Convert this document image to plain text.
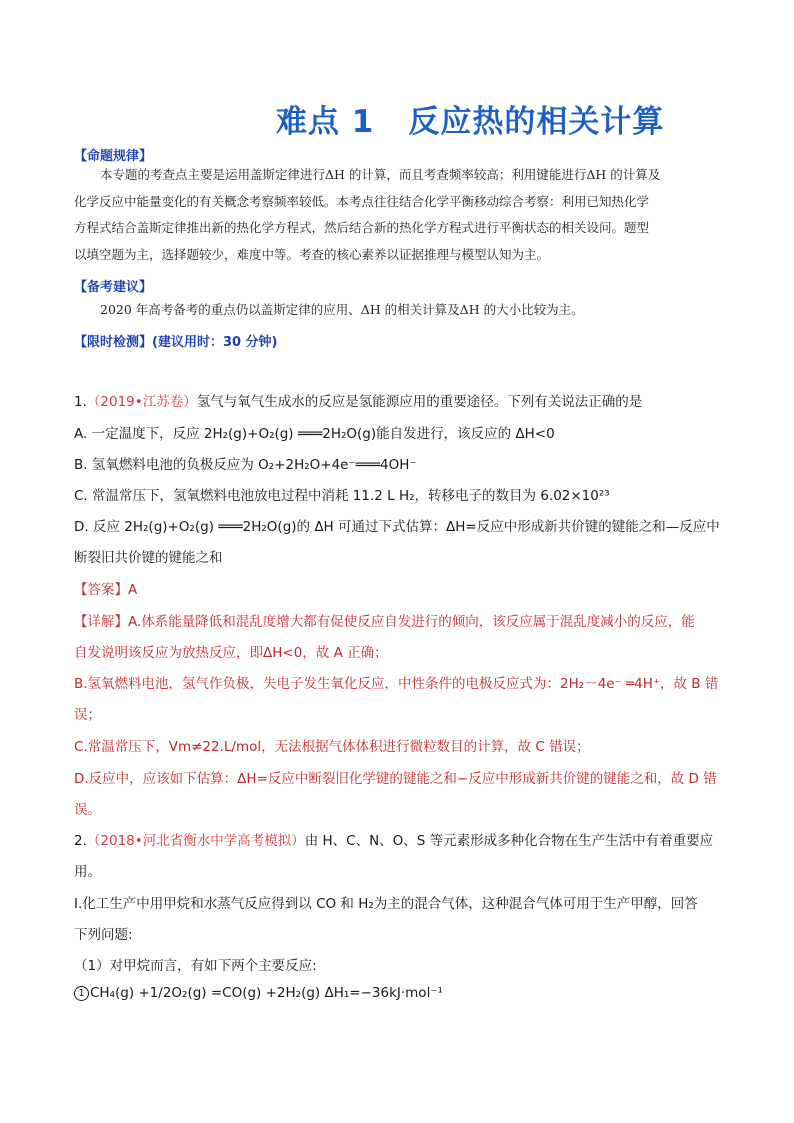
难点 1 反应热的相关计算
【命题规律】
本专题的考查点主要是运用盖斯定律进行ΔH 的计算，而且考查频率较高；利用键能进行ΔH 的计算及
化学反应中能量变化的有关概念考察频率较低。本考点往往结合化学平衡移动综合考察：利用已知热化学
方程式结合盖斯定律推出新的热化学方程式，然后结合新的热化学方程式进行平衡状态的相关设问。题型
以填空题为主，选择题较少，难度中等。考查的核心素养以证据推理与模型认知为主。
【备考建议】
2020 年高考备考的重点仍以盖斯定律的应用、ΔH 的相关计算及ΔH 的大小比较为主。
【限时检测】(建议用时：30 分钟)
1.（2019•江苏卷）氢气与氧气生成水的反应是氢能源应用的重要途径。下列有关说法正确的是
A. 一定温度下，反应 2H₂(g)+O₂(g) ═══2H₂O(g)能自发进行，该反应的 ΔH<0
B. 氢氧燃料电池的负极反应为 O₂+2H₂O+4e⁻═══4OH⁻
C. 常温常压下，氢氧燃料电池放电过程中消耗 11.2 L H₂，转移电子的数目为 6.02×10²³
D. 反应 2H₂(g)+O₂(g) ═══2H₂O(g)的 ΔH 可通过下式估算：ΔH=反应中形成新共价键的键能之和—反应中
断裂旧共价键的键能之和
【答案】A
【详解】A.体系能量降低和混乱度增大都有促使反应自发进行的倾向，该反应属于混乱度减小的反应，能
自发说明该反应为放热反应，即ΔH<0，故 A 正确；
B.氢氧燃料电池，氢气作负极，失电子发生氧化反应，中性条件的电极反应式为：2H₂－4e⁻ ═4H⁺，故 B 错
误；
C.常温常压下，Vm≠22.L/mol，无法根据气体体积进行微粒数目的计算，故 C 错误；
D.反应中，应该如下估算：ΔH=反应中断裂旧化学键的键能之和−反应中形成新共价键的键能之和，故 D 错
误。
2.（2018•河北省衡水中学高考模拟）由 H、C、N、O、S 等元素形成多种化合物在生产生活中有着重要应
用。
I.化工生产中用甲烷和水蒸气反应得到以 CO 和 H₂为主的混合气体，这种混合气体可用于生产甲醇，回答
下列问题:
（1）对甲烷而言，有如下两个主要反应:
1 CH₄(g) +1/2O₂(g) =CO(g) +2H₂(g) ΔH₁=−36kJ·mol⁻¹
